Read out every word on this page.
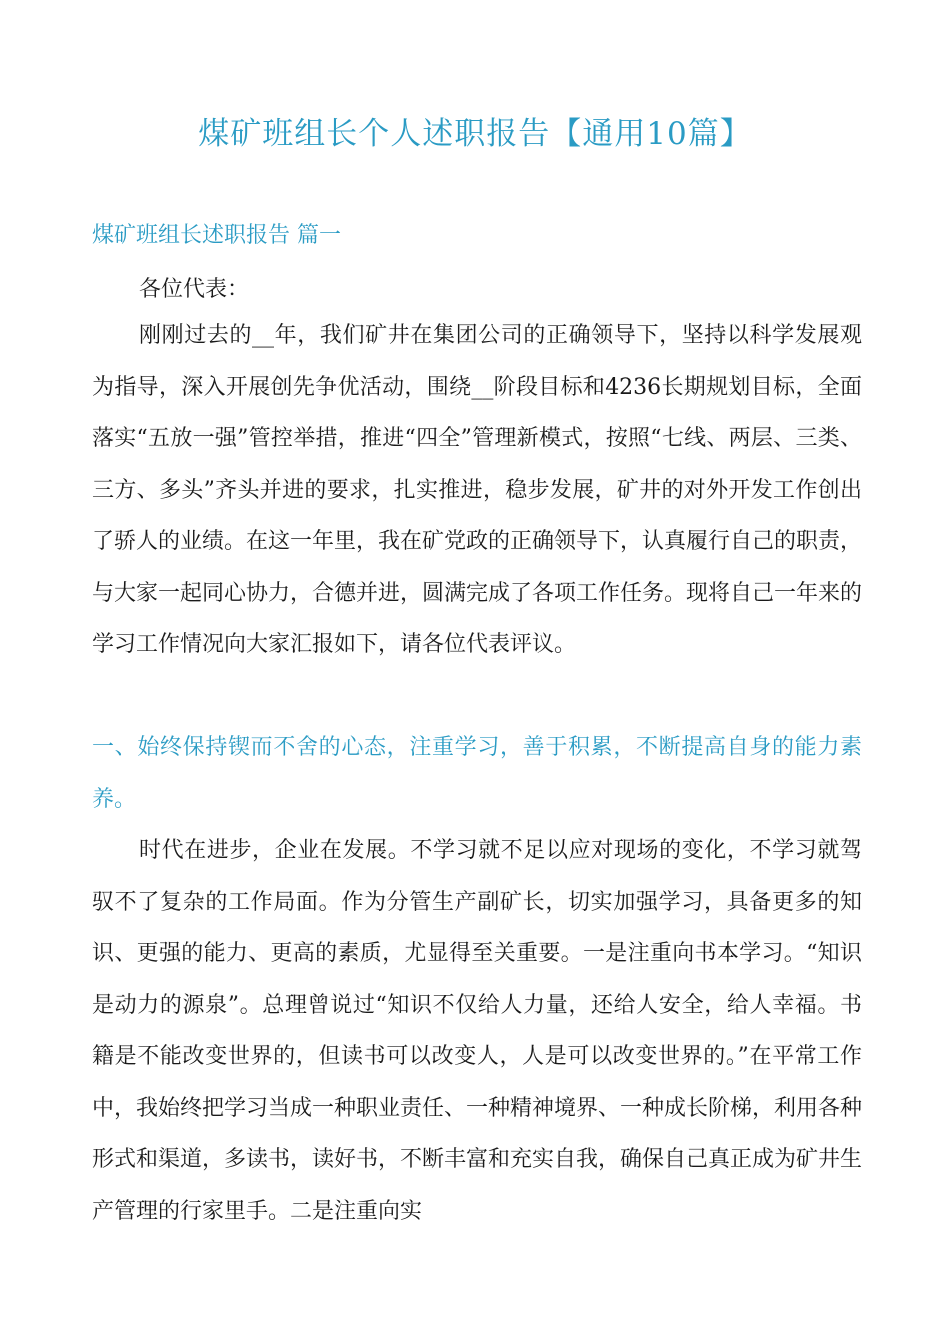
煤矿班组长个人述职报告【通用10篇】
煤矿班组长述职报告 篇一
各位代表：
刚刚过去的__年，我们矿井在集团公司的正确领导下，坚持以科学发展观为指导，深入开展创先争优活动，围绕__阶段目标和4236长期规划目标，全面落实“五放一强”管控举措，推进“四全”管理新模式，按照“七线、两层、三类、三方、多头”齐头并进的要求，扎实推进，稳步发展，矿井的对外开发工作创出了骄人的业绩。在这一年里，我在矿党政的正确领导下，认真履行自己的职责，与大家一起同心协力，合德并进，圆满完成了各项工作任务。现将自己一年来的学习工作情况向大家汇报如下，请各位代表评议。
一、始终保持锲而不舍的心态，注重学习，善于积累，不断提高自身的能力素养。
时代在进步，企业在发展。不学习就不足以应对现场的变化，不学习就驾驭不了复杂的工作局面。作为分管生产副矿长，切实加强学习，具备更多的知识、更强的能力、更高的素质，尤显得至关重要。一是注重向书本学习。“知识是动力的源泉”。总理曾说过“知识不仅给人力量，还给人安全，给人幸福。书籍是不能改变世界的，但读书可以改变人，人是可以改变世界的。”在平常工作中，我始终把学习当成一种职业责任、一种精神境界、一种成长阶梯，利用各种形式和渠道，多读书，读好书，不断丰富和充实自我，确保自己真正成为矿井生产管理的行家里手。二是注重向实
